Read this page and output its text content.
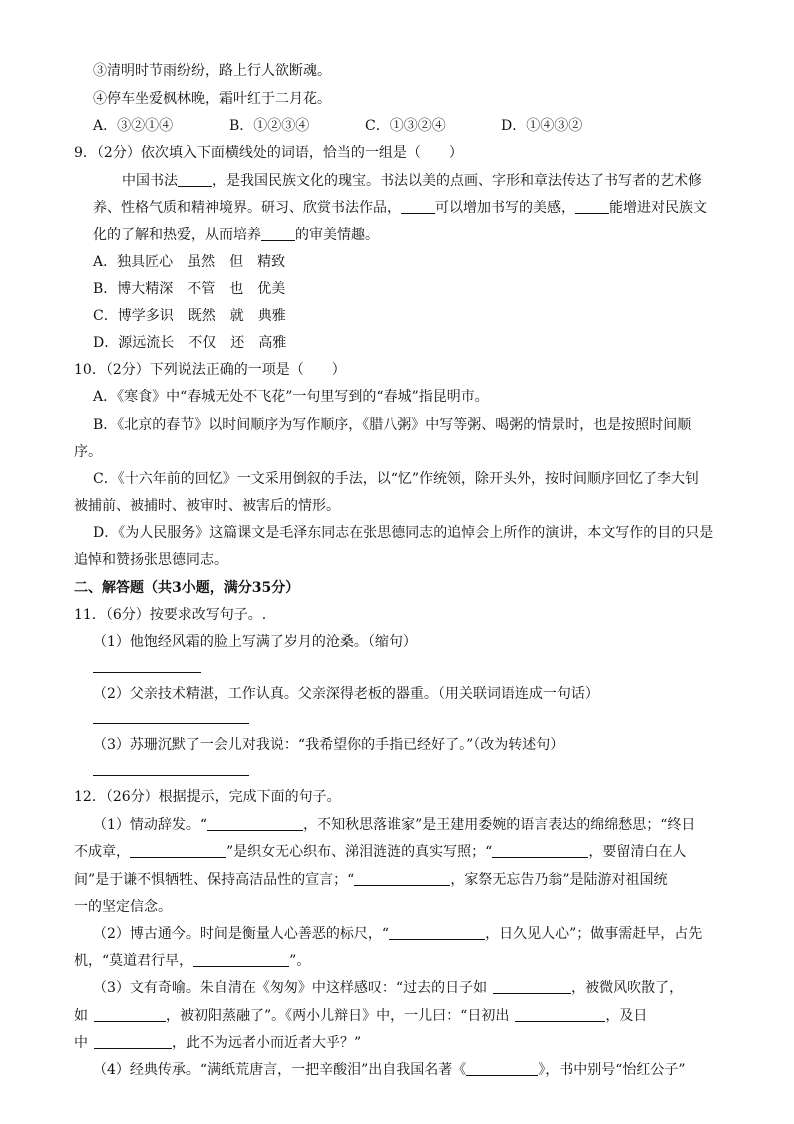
③清明时节雨纷纷，路上行人欲断魂。
④停车坐爱枫林晚，霜叶红于二月花。
A．③②①④	B．①②③④	C．①③②④	D．①④③②
9．（2分）依次填入下面横线处的词语，恰当的一组是（　　）
中国书法 ，是我国民族文化的瑰宝。书法以美的点画、字形和章法传达了书写者的艺术修
养、性格气质和精神境界。研习、欣赏书法作品， 可以增加书写的美感， 能增进对民族文
化的了解和热爱，从而培养 的审美情趣。
A．独具匠心　虽然　但　精致
B．博大精深　不管　也　优美
C．博学多识　既然　就　典雅
D．源远流长　不仅　还　高雅
10．（2分）下列说法正确的一项是（　　）
A．《寒食》中“春城无处不飞花”一句里写到的“春城”指昆明市。
B．《北京的春节》以时间顺序为写作顺序，《腊八粥》中写等粥、喝粥的情景时，也是按照时间顺
序。
C．《十六年前的回忆》一文采用倒叙的手法，以“忆”作统领，除开头外，按时间顺序回忆了李大钊
被捕前、被捕时、被审时、被害后的情形。
D．《为人民服务》这篇课文是毛泽东同志在张思德同志的追悼会上所作的演讲，本文写作的目的只是
追悼和赞扬张思德同志。
二、解答题（共3小题，满分35分）
11．（6分）按要求改写句子。.
（1）他饱经风霜的脸上写满了岁月的沧桑。（缩句）
（2）父亲技术精湛，工作认真。父亲深得老板的器重。（用关联词语连成一句话）
（3）苏珊沉默了一会儿对我说：“我希望你的手指已经好了。”（改为转述句）
12．（26分）根据提示，完成下面的句子。
（1）情动辞发。“	，不知秋思落谁家”是王建用委婉的语言表达的绵绵愁思；“终日
不成章，	”是织女无心织布、涕泪涟涟的真实写照；“	，要留清白在人
间”是于谦不惧牺牲、保持高洁品性的宣言；“	，家祭无忘告乃翁”是陆游对祖国统
一的坚定信念。
（2）博古通今。时间是衡量人心善恶的标尺，“	，日久见人心”；做事需赶早，占先
机，“莫道君行早，	”。
（3）文有奇喻。朱自清在《匆匆》中这样感叹：“过去的日子如	，被微风吹散了，
如	，被初阳蒸融了”。《两小儿辩日》中，一儿曰：“日初出	，及日
中	，此不为远者小而近者大乎？”
（4）经典传承。“满纸荒唐言，一把辛酸泪”出自我国名著《	》，书中别号“怡红公子”
